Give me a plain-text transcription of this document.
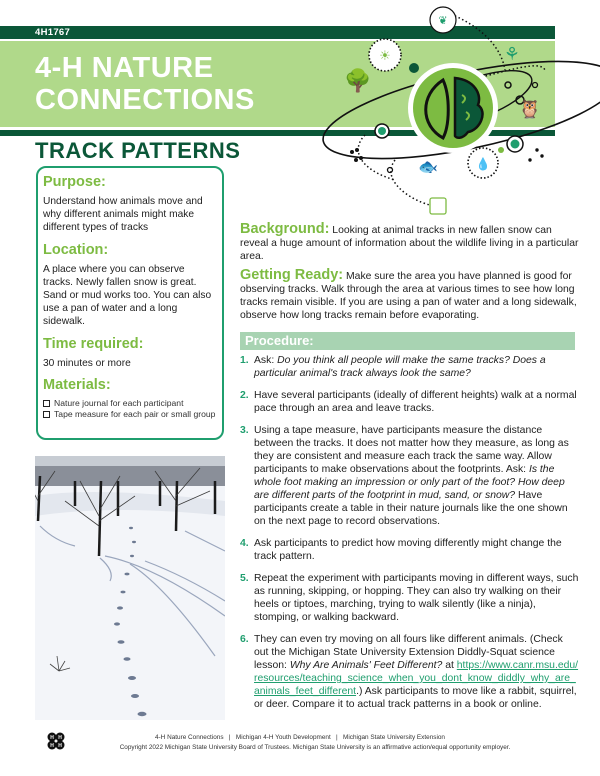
4H1767
4-H NATURE
CONNECTIONS
TRACK PATTERNS
❦
☀
🌳
⚘
🦉
🐟	💧
Purpose:

Understand how animals move and why different animals might make different types of tracks

Location:

A place where you can observe tracks. Newly fallen snow is great. Sand or mud works too. You can also use a pan of water and a long sidewalk.

Time required:

30 minutes or more

Materials:
Nature journal for each participant
Tape measure for each pair or small group

Background: Looking at animal tracks in new fallen snow can reveal a huge amount of information about the wildlife living in a particular area.

Getting Ready: Make sure the area you have planned is good for observing tracks. Walk through the area at various times to see how long tracks remain visible. If you are using a pan of water and a long sidewalk, observe how long tracks remain before evaporating.

Procedure:
1. Ask: Do you think all people will make the same tracks? Does a particular animal's track always look the same?
2. Have several participants (ideally of different heights) walk at a normal pace through an area and leave tracks.
3. Using a tape measure, have participants measure the distance between the tracks. It does not matter how they measure, as long as they are consistent and measure each track the same way. Allow participants to make observations about the footprints. Ask: Is the whole foot making an impression or only part of the foot? How deep are different parts of the footprint in mud, sand, or snow? Have participants create a table in their nature journals like the one shown on the next page to record observations.
4. Ask participants to predict how moving differently might change the track pattern.
5. Repeat the experiment with participants moving in different ways, such as running, skipping, or hopping. They can also try walking on their heels or tiptoes, marching, trying to walk silently (like a ninja), stomping, or walking backward.
6. They can even try moving on all fours like different animals. (Check out the Michigan State University Extension Diddly-Squat science lesson: Why Are Animals' Feet Different? at https://www.canr.msu.edu/resources/teaching_science_when_you_dont_know_diddly_why_are_animals_feet_different.) Ask participants to move like a rabbit, squirrel, or deer. Compare it to actual track patterns in a book or online.
H H
H H
4-H Nature Connections   |   Michigan 4-H Youth Development   |   Michigan State University Extension
Copyright 2022 Michigan State University Board of Trustees. Michigan State University is an affirmative action/equal opportunity employer.
